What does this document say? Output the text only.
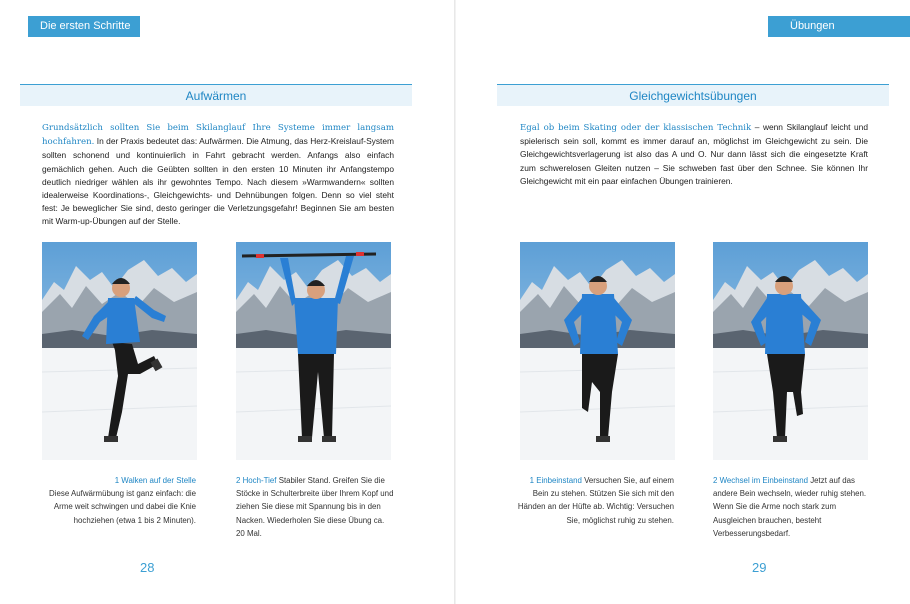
Die ersten Schritte
Aufwärmen
Grundsätzlich sollten Sie beim Skilanglauf Ihre Systeme immer langsam hochfahren. In der Praxis bedeutet das: Aufwärmen. Die Atmung, das Herz-Kreislauf-System sollten schonend und kontinuierlich in Fahrt gebracht werden. Anfangs also einfach gemächlich gehen. Auch die Geübten sollten in den ersten 10 Minuten ihr Anfangstempo deutlich niedriger wählen als ihr gewohntes Tempo. Nach diesem »Warmwandern« sollten idealerweise Koordinations-, Gleichgewichts- und Dehnübungen folgen. Denn so viel steht fest: Je beweglicher Sie sind, desto geringer die Verletzungsgefahr! Beginnen Sie am besten mit Warm-up-Übungen auf der Stelle.
1 Walken auf der Stelle
Diese Aufwärmübung ist ganz einfach: die Arme weit schwingen und dabei die Knie hochziehen (etwa 1 bis 2 Minuten).
2 Hoch-Tief Stabiler Stand. Greifen Sie die Stöcke in Schulterbreite über Ihrem Kopf und ziehen Sie diese mit Spannung bis in den Nacken. Wiederholen Sie diese Übung ca. 20 Mal.
28
Übungen
Gleichgewichtsübungen
Egal ob beim Skating oder der klassischen Technik – wenn Skilanglauf leicht und spielerisch sein soll, kommt es immer darauf an, möglichst im Gleichgewicht zu sein. Die Gleichgewichtsverlagerung ist also das A und O. Nur dann lässt sich die eingesetzte Kraft zum schwerelosen Gleiten nutzen – Sie schweben fast über den Schnee. Sie können Ihr Gleichgewicht mit ein paar einfachen Übungen trainieren.
1 Einbeinstand Versuchen Sie, auf einem Bein zu stehen. Stützen Sie sich mit den Händen an der Hüfte ab. Wichtig: Versuchen Sie, möglichst ruhig zu stehen.
2 Wechsel im Einbeinstand Jetzt auf das andere Bein wechseln, wieder ruhig stehen. Wenn Sie die Arme noch stark zum Ausgleichen brauchen, besteht Verbesserungsbedarf.
29
